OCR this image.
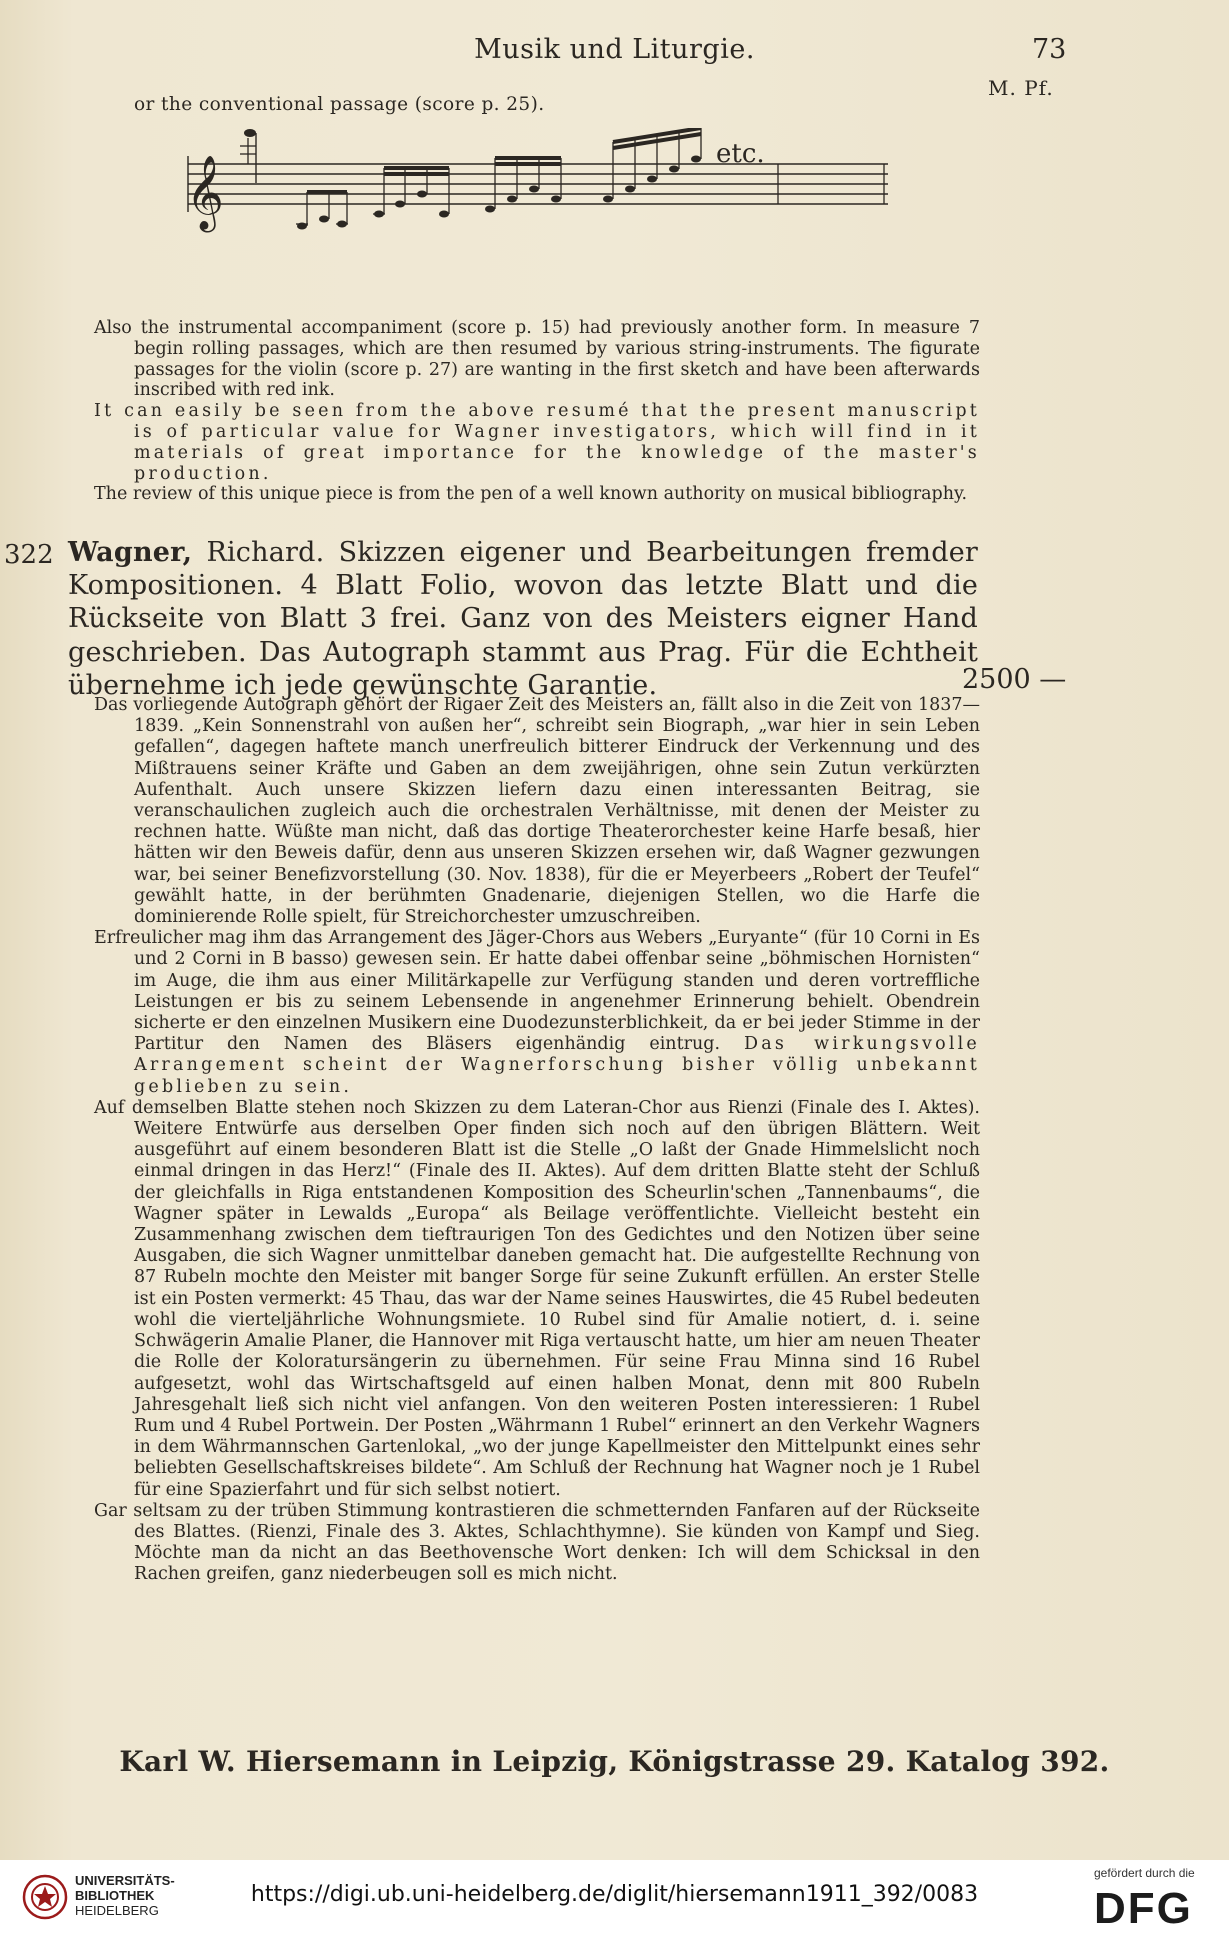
Musik und Liturgie.	73
M. Pf.
or the conventional passage (score p. 25).
𝄞
etc.

Also the instrumental accompaniment (score p. 15) had previously another form. In measure 7 begin rolling passages, which are then resumed by various string-instruments. The figurate passages for the violin (score p. 27) are wanting in the first sketch and have been afterwards inscribed with red ink.

It can easily be seen from the above resumé that the present manuscript is of particular value for Wagner investigators, which will find in it materials of great importance for the knowledge of the master's production.

The review of this unique piece is from the pen of a well known authority on musical bibliography.

322 Wagner, Richard. Skizzen eigener und Bearbeitungen fremder Kompositionen. 4 Blatt Folio, wovon das letzte Blatt und die Rückseite von Blatt 3 frei. Ganz von des Meisters eigner Hand geschrieben. Das Autograph stammt aus Prag. Für die Echtheit übernehme ich jede gewünschte Garantie.	2500 —

Das vorliegende Autograph gehört der Rigaer Zeit des Meisters an, fällt also in die Zeit von 1837—1839. „Kein Sonnenstrahl von außen her“, schreibt sein Biograph, „war hier in sein Leben gefallen“, dagegen haftete manch unerfreulich bitterer Eindruck der Verkennung und des Mißtrauens seiner Kräfte und Gaben an dem zweijährigen, ohne sein Zutun verkürzten Aufenthalt. Auch unsere Skizzen liefern dazu einen interessanten Beitrag, sie veranschaulichen zugleich auch die orchestralen Verhältnisse, mit denen der Meister zu rechnen hatte. Wüßte man nicht, daß das dortige Theaterorchester keine Harfe besaß, hier hätten wir den Beweis dafür, denn aus unseren Skizzen ersehen wir, daß Wagner gezwungen war, bei seiner Benefizvorstellung (30. Nov. 1838), für die er Meyerbeers „Robert der Teufel“ gewählt hatte, in der berühmten Gnadenarie, diejenigen Stellen, wo die Harfe die dominierende Rolle spielt, für Streichorchester umzuschreiben.

Erfreulicher mag ihm das Arrangement des Jäger-Chors aus Webers „Euryante“ (für 10 Corni in Es und 2 Corni in B basso) gewesen sein. Er hatte dabei offenbar seine „böhmischen Hornisten“ im Auge, die ihm aus einer Militärkapelle zur Verfügung standen und deren vortreffliche Leistungen er bis zu seinem Lebensende in angenehmer Erinnerung behielt. Obendrein sicherte er den einzelnen Musikern eine Duodezunsterblichkeit, da er bei jeder Stimme in der Partitur den Namen des Bläsers eigenhändig eintrug. Das wirkungsvolle Arrangement scheint der Wagnerforschung bisher völlig unbekannt geblieben zu sein.

Auf demselben Blatte stehen noch Skizzen zu dem Lateran-Chor aus Rienzi (Finale des I. Aktes). Weitere Entwürfe aus derselben Oper finden sich noch auf den übrigen Blättern. Weit ausgeführt auf einem besonderen Blatt ist die Stelle „O laßt der Gnade Himmelslicht noch einmal dringen in das Herz!“ (Finale des II. Aktes). Auf dem dritten Blatte steht der Schluß der gleichfalls in Riga entstandenen Komposition des Scheurlin'schen „Tannenbaums“, die Wagner später in Lewalds „Europa“ als Beilage veröffentlichte. Vielleicht besteht ein Zusammenhang zwischen dem tieftraurigen Ton des Gedichtes und den Notizen über seine Ausgaben, die sich Wagner unmittelbar daneben gemacht hat. Die aufgestellte Rechnung von 87 Rubeln mochte den Meister mit banger Sorge für seine Zukunft erfüllen. An erster Stelle ist ein Posten vermerkt: 45 Thau, das war der Name seines Hauswirtes, die 45 Rubel bedeuten wohl die vierteljährliche Wohnungsmiete. 10 Rubel sind für Amalie notiert, d. i. seine Schwägerin Amalie Planer, die Hannover mit Riga vertauscht hatte, um hier am neuen Theater die Rolle der Koloratursängerin zu übernehmen. Für seine Frau Minna sind 16 Rubel aufgesetzt, wohl das Wirtschaftsgeld auf einen halben Monat, denn mit 800 Rubeln Jahresgehalt ließ sich nicht viel anfangen. Von den weiteren Posten interessieren: 1 Rubel Rum und 4 Rubel Portwein. Der Posten „Währmann 1 Rubel“ erinnert an den Verkehr Wagners in dem Währmannschen Gartenlokal, „wo der junge Kapellmeister den Mittelpunkt eines sehr beliebten Gesellschaftskreises bildete“. Am Schluß der Rechnung hat Wagner noch je 1 Rubel für eine Spazierfahrt und für sich selbst notiert.

Gar seltsam zu der trüben Stimmung kontrastieren die schmetternden Fanfaren auf der Rückseite des Blattes. (Rienzi, Finale des 3. Aktes, Schlachthymne). Sie künden von Kampf und Sieg. Möchte man da nicht an das Beethovensche Wort denken: Ich will dem Schicksal in den Rachen greifen, ganz niederbeugen soll es mich nicht.

Karl W. Hiersemann in Leipzig, Königstrasse 29. Katalog 392.
UNIVERSITÄTS-
BIBLIOTHEK
HEIDELBERG
https://digi.ub.uni-heidelberg.de/diglit/hiersemann1911_392/0083
gefördert durch die
DFG
